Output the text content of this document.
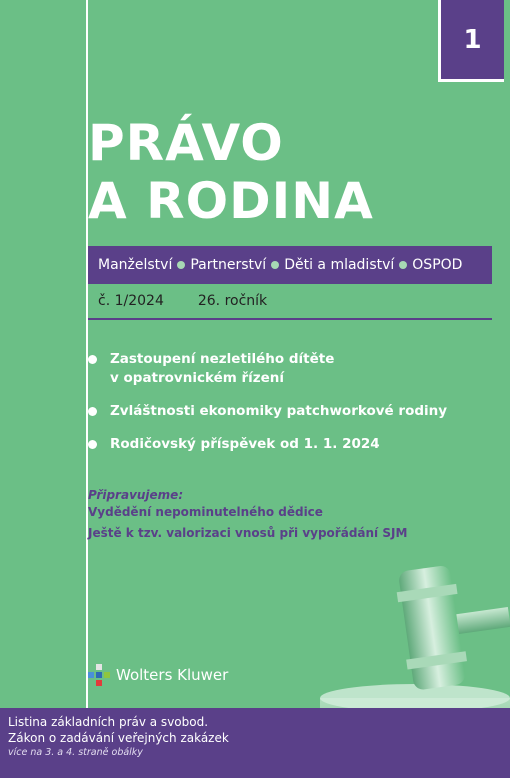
1
PRÁVO
A RODINA
Manželství Partnerství Děti a mladiství OSPOD
č. 1/2024 26. ročník
Zastoupení nezletilého dítěte
v opatrovnickém řízení
Zvláštnosti ekonomiky patchworkové rodiny
Rodičovský příspěvek od 1. 1. 2024
Připravujeme:
Vydědění nepominutelného dědice
Ještě k tzv. valorizaci vnosů při vypořádání SJM
Wolters Kluwer
Listina základních práv a svobod.
Zákon o zadávání veřejných zakázek
více na 3. a 4. straně obálky
